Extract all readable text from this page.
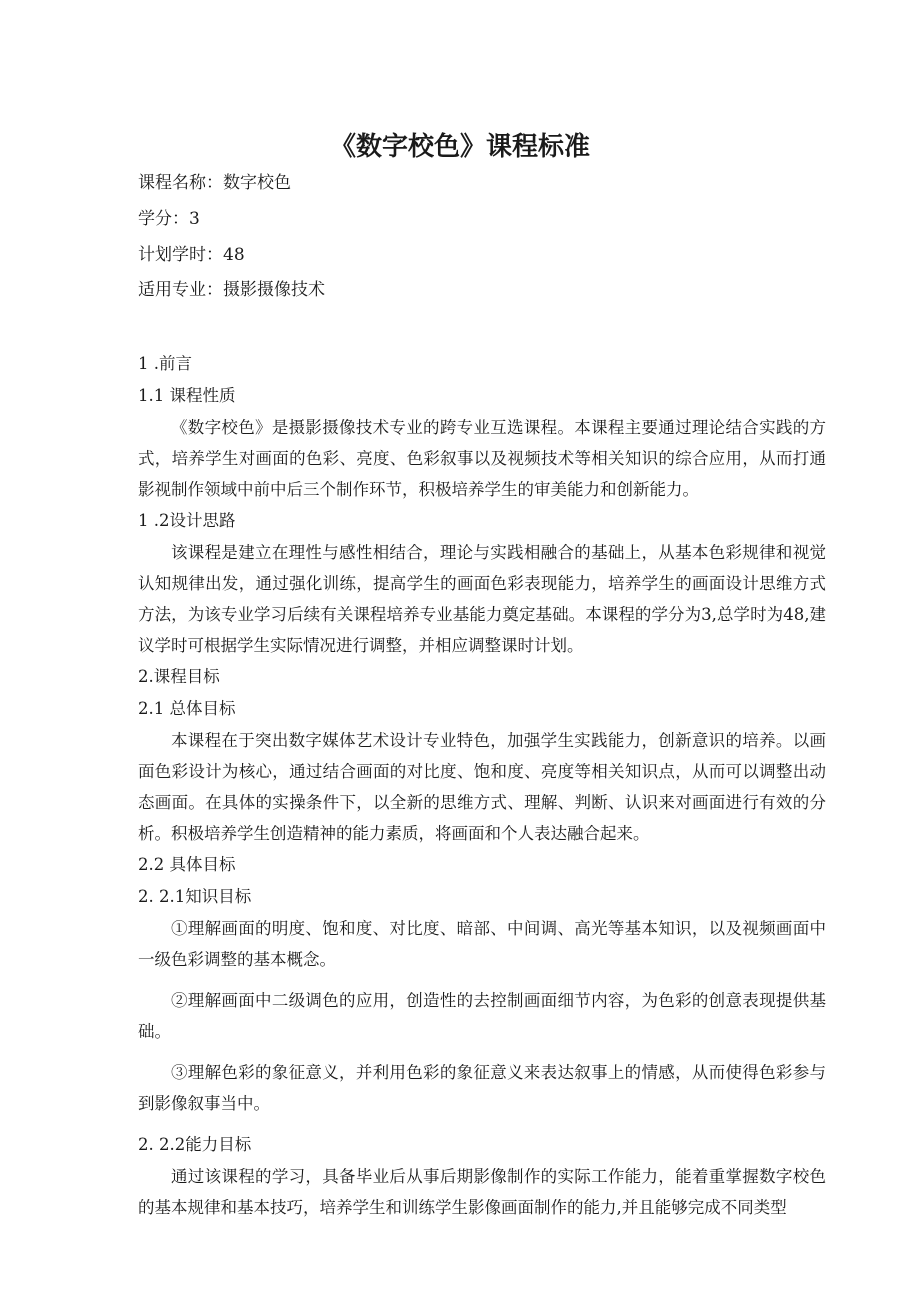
《数字校色》课程标准
课程名称：数字校色
学分：3
计划学时：48
适用专业：摄影摄像技术
1 .前言
1.1 课程性质

《数字校色》是摄影摄像技术专业的跨专业互选课程。本课程主要通过理论结合实践的方式，培养学生对画面的色彩、亮度、色彩叙事以及视频技术等相关知识的综合应用，从而打通影视制作领域中前中后三个制作环节，积极培养学生的审美能力和创新能力。

1 .2设计思路

该课程是建立在理性与感性相结合，理论与实践相融合的基础上，从基本色彩规律和视觉认知规律出发，通过强化训练，提高学生的画面色彩表现能力，培养学生的画面设计思维方式方法，为该专业学习后续有关课程培养专业基能力奠定基础。本课程的学分为3,总学时为48,建议学时可根据学生实际情况进行调整，并相应调整课时计划。

2.课程目标
2.1 总体目标

本课程在于突出数字媒体艺术设计专业特色，加强学生实践能力，创新意识的培养。以画面色彩设计为核心，通过结合画面的对比度、饱和度、亮度等相关知识点，从而可以调整出动态画面。在具体的实操条件下，以全新的思维方式、理解、判断、认识来对画面进行有效的分析。积极培养学生创造精神的能力素质，将画面和个人表达融合起来。

2.2 具体目标
2. 2.1知识目标

①理解画面的明度、饱和度、对比度、暗部、中间调、高光等基本知识，以及视频画面中一级色彩调整的基本概念。

②理解画面中二级调色的应用，创造性的去控制画面细节内容，为色彩的创意表现提供基础。

③理解色彩的象征意义，并利用色彩的象征意义来表达叙事上的情感，从而使得色彩参与到影像叙事当中。

2. 2.2能力目标

通过该课程的学习，具备毕业后从事后期影像制作的实际工作能力，能着重掌握数字校色的基本规律和基本技巧，培养学生和训练学生影像画面制作的能力,并且能够完成不同类型
